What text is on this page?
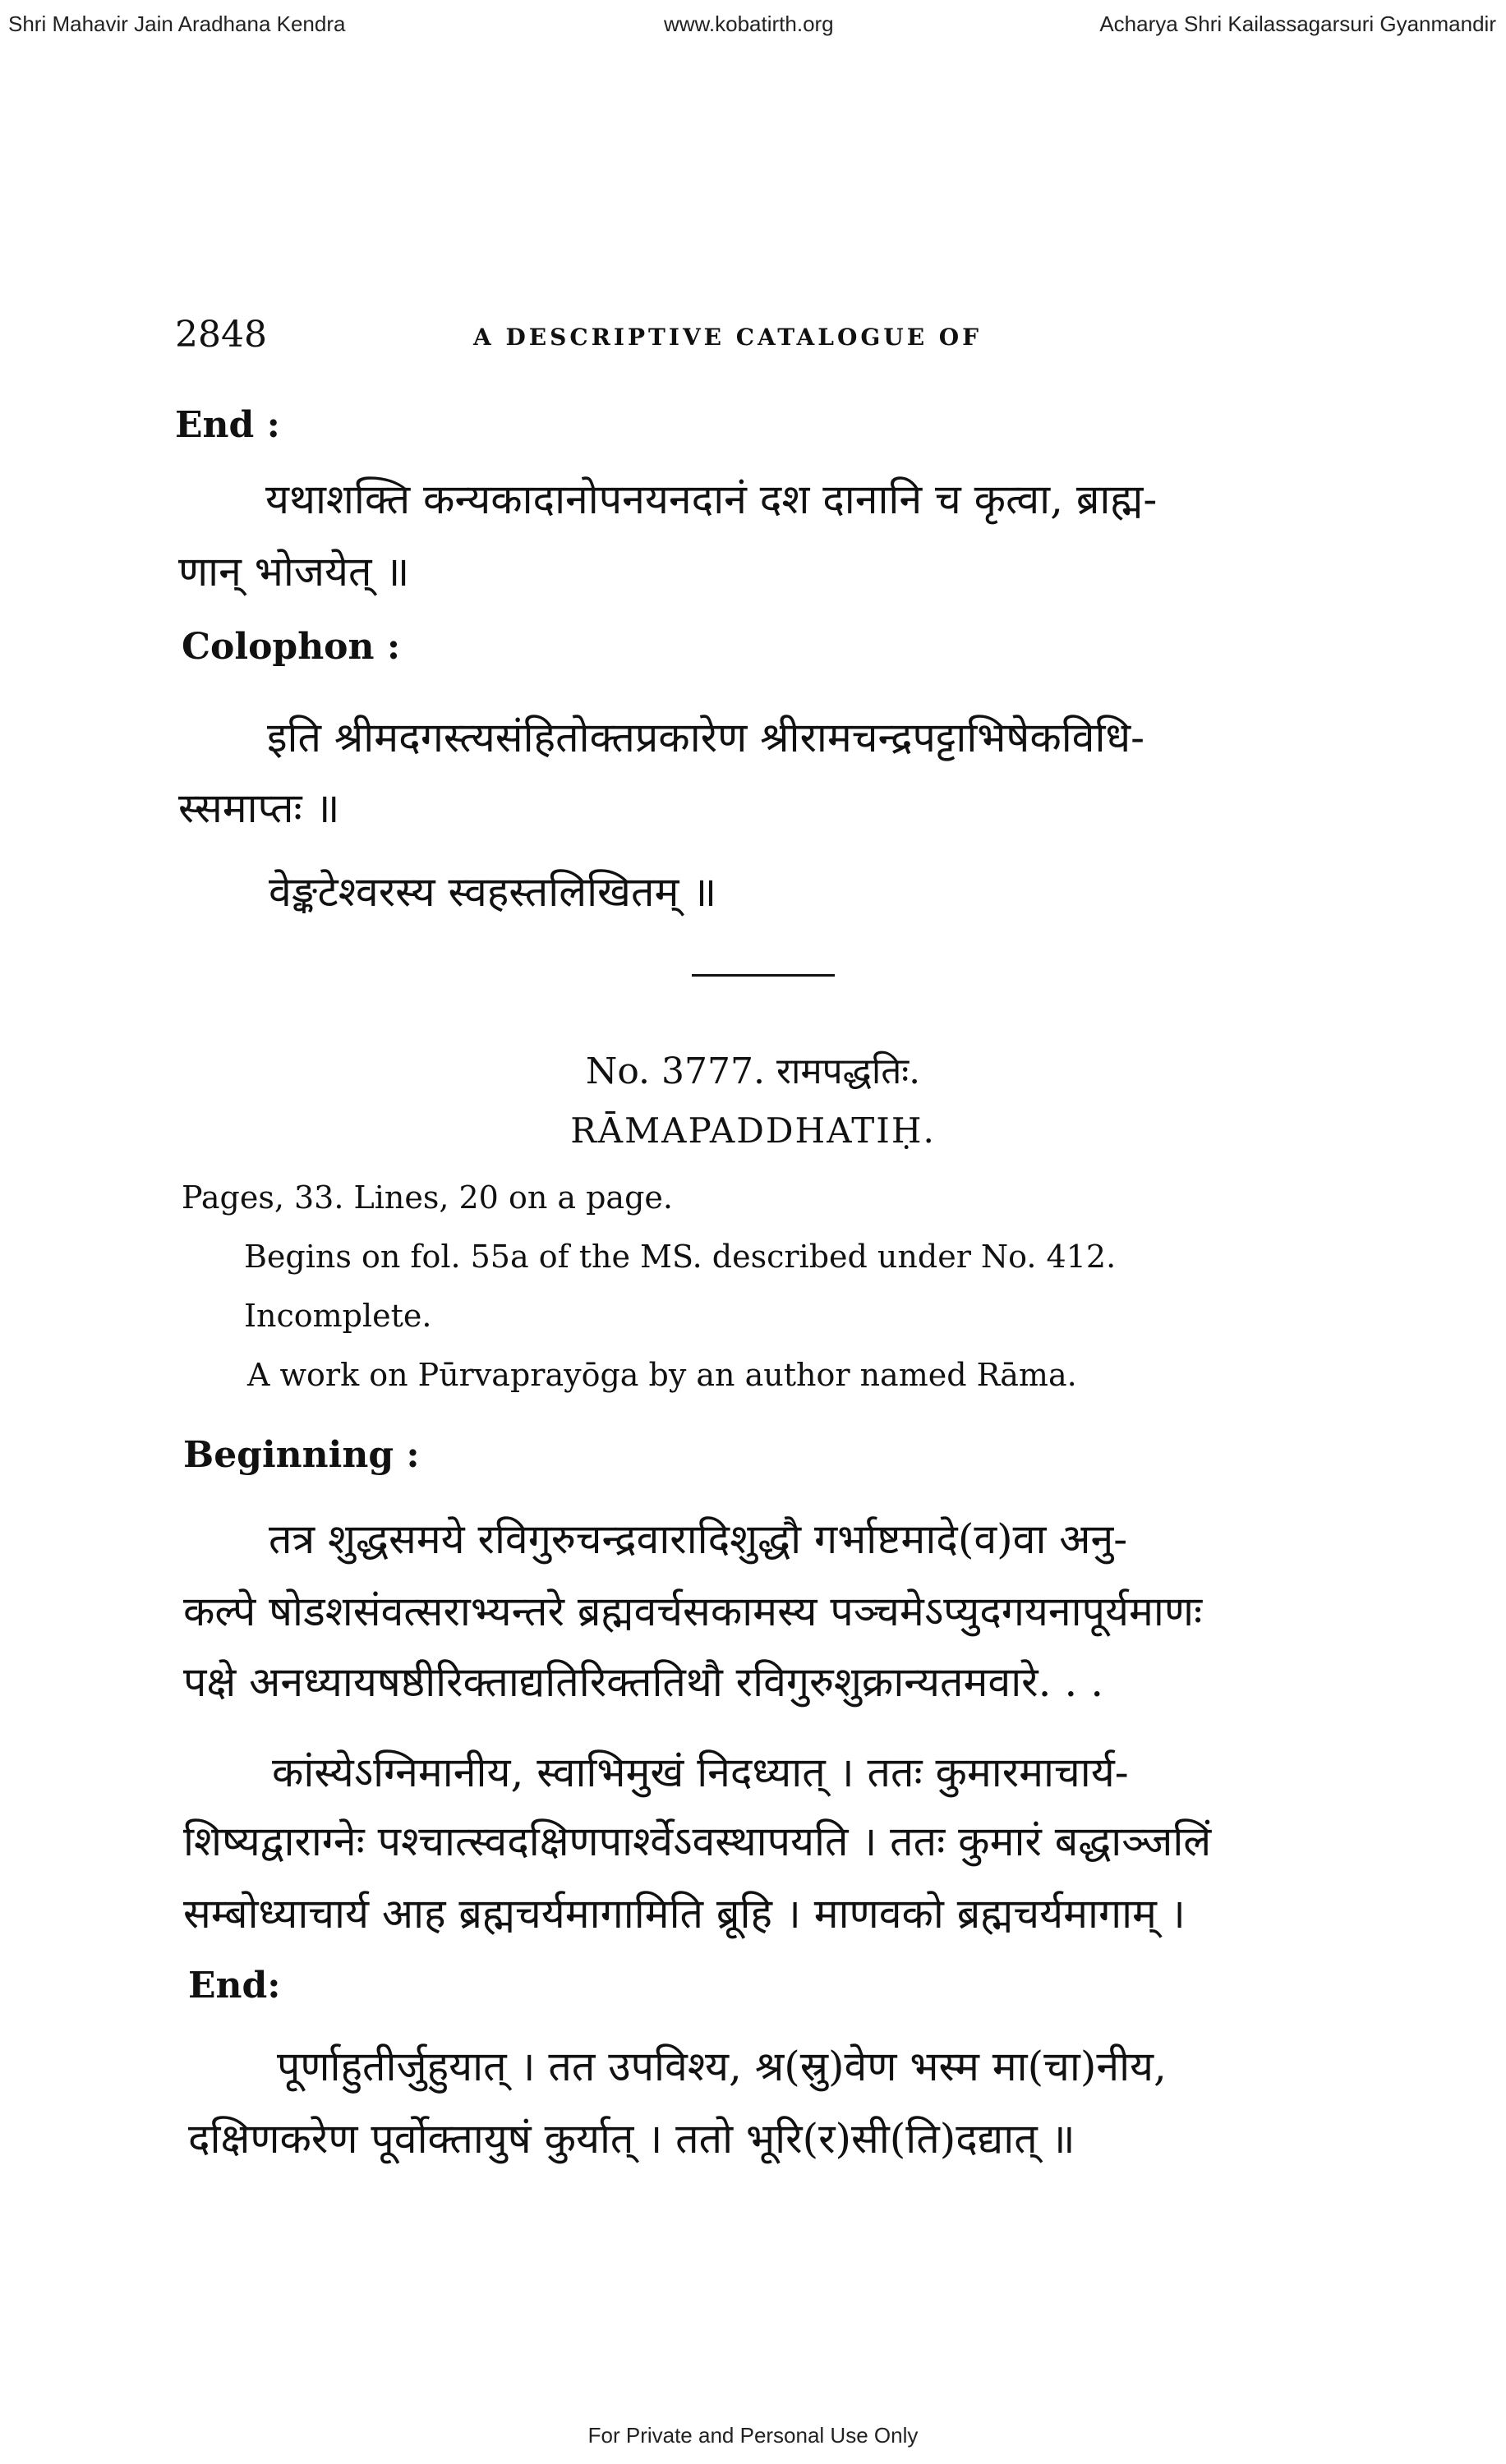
Shri Mahavir Jain Aradhana Kendra	www.kobatirth.org	Acharya Shri Kailassagarsuri Gyanmandir
2848	A DESCRIPTIVE CATALOGUE OF
End :
यथाशक्ति कन्यकादानोपनयनदानं दश दानानि च कृत्वा, ब्राह्म-
णान् भोजयेत् ॥
Colophon :
इति श्रीमदगस्त्यसंहितोक्तप्रकारेण श्रीरामचन्द्रपट्टाभिषेकविधि-
स्समाप्तः ॥
वेङ्कटेश्वरस्य स्वहस्तलिखितम् ॥
No. 3777. रामपद्धतिः.
RĀMAPADDHATIḤ.
Pages, 33. Lines, 20 on a page.
Begins on fol. 55a of the MS. described under No. 412.
Incomplete.
A work on Pūrvaprayōga by an author named Rāma.
Beginning :
तत्र शुद्धसमये रविगुरुचन्द्रवारादिशुद्धौ गर्भाष्टमादे(व)वा अनु-
कल्पे षोडशसंवत्सराभ्यन्तरे ब्रह्मवर्चसकामस्य पञ्चमेऽप्युदगयनापूर्यमाणः
पक्षे अनध्यायषष्ठीरिक्ताद्यतिरिक्ततिथौ रविगुरुशुक्रान्यतमवारे. . .
कांस्येऽग्निमानीय, स्वाभिमुखं निदध्यात् । ततः कुमारमाचार्य-
शिष्यद्वाराग्नेः पश्चात्स्वदक्षिणपार्श्वेऽवस्थापयति । ततः कुमारं बद्धाञ्जलिं
सम्बोध्याचार्य आह ब्रह्मचर्यमागामिति ब्रूहि । माणवको ब्रह्मचर्यमागाम् ।
End:
पूर्णाहुतीर्जुहुयात् । तत उपविश्य, श्र(स्रु)वेण भस्म मा(चा)नीय,
दक्षिणकरेण पूर्वोक्तायुषं कुर्यात् । ततो भूरि(र)सी(ति)दद्यात् ॥
For Private and Personal Use Only
